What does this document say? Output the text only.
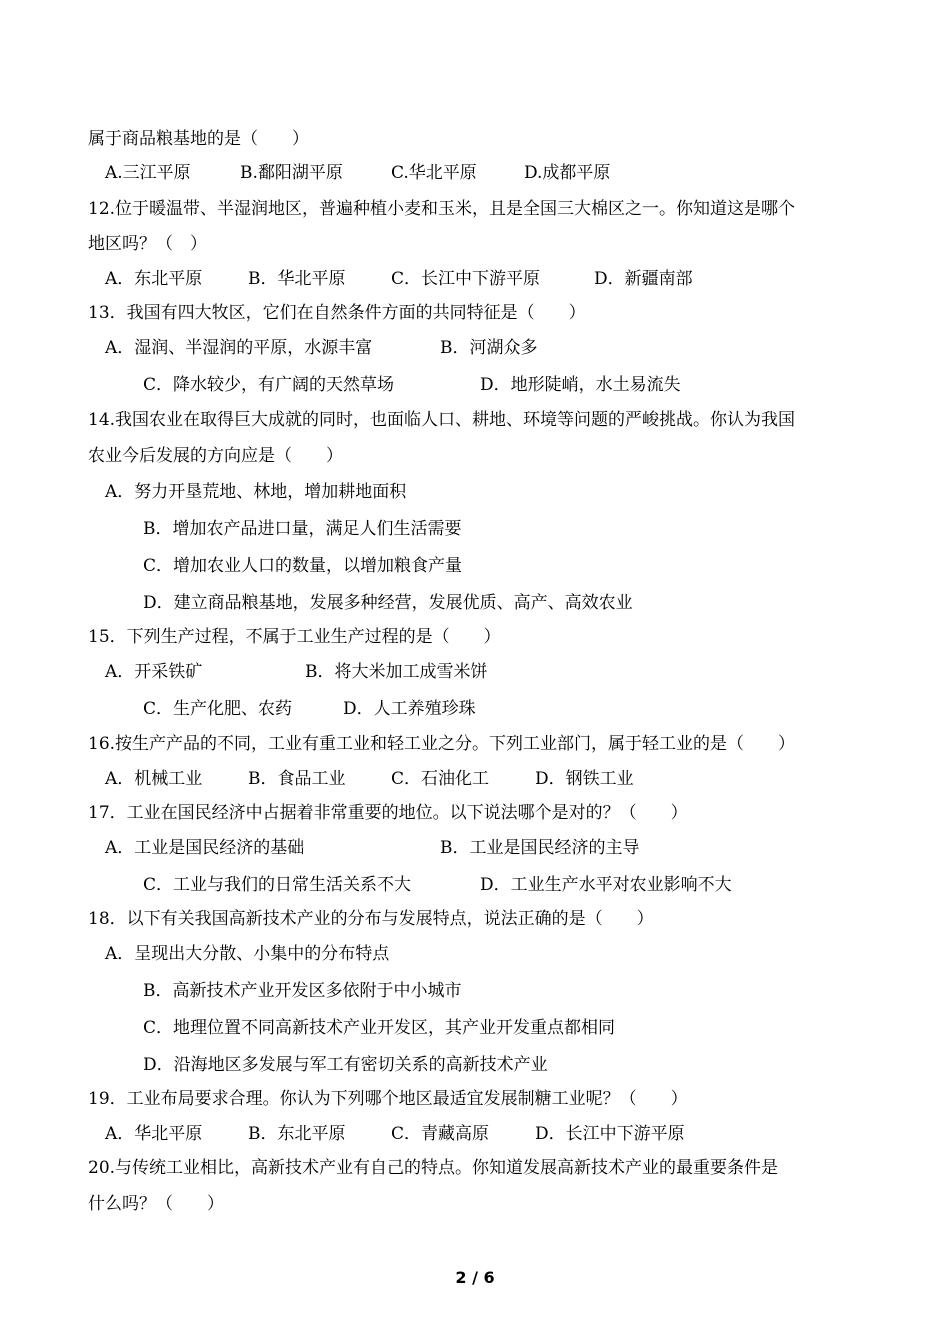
属于商品粮基地的是（　　）
A.三江平原	B.鄱阳湖平原	C.华北平原	D.成都平原
12.位于暖温带、半湿润地区，普遍种植小麦和玉米，且是全国三大棉区之一。你知道这是哪个
地区吗？（　）
A．东北平原	B．华北平原	C．长江中下游平原	D．新疆南部
13．我国有四大牧区，它们在自然条件方面的共同特征是（　　）
A．湿润、半湿润的平原，水源丰富	B．河湖众多
C．降水较少，有广阔的天然草场	D．地形陡峭，水土易流失
14.我国农业在取得巨大成就的同时，也面临人口、耕地、环境等问题的严峻挑战。你认为我国
农业今后发展的方向应是（　　）
A．努力开垦荒地、林地，增加耕地面积
B．增加农产品进口量，满足人们生活需要
C．增加农业人口的数量，以增加粮食产量
D．建立商品粮基地，发展多种经营，发展优质、高产、高效农业
15．下列生产过程，不属于工业生产过程的是（　　）
A．开采铁矿	B．将大米加工成雪米饼
C．生产化肥、农药	D．人工养殖珍珠
16.按生产产品的不同，工业有重工业和轻工业之分。下列工业部门，属于轻工业的是（　　）
A．机械工业	B．食品工业	C．石油化工	D．钢铁工业
17．工业在国民经济中占据着非常重要的地位。以下说法哪个是对的？（　　）
A．工业是国民经济的基础	B．工业是国民经济的主导
C．工业与我们的日常生活关系不大	D．工业生产水平对农业影响不大
18．以下有关我国高新技术产业的分布与发展特点，说法正确的是（　　）
A．呈现出大分散、小集中的分布特点
B．高新技术产业开发区多依附于中小城市
C．地理位置不同高新技术产业开发区，其产业开发重点都相同
D．沿海地区多发展与军工有密切关系的高新技术产业
19．工业布局要求合理。你认为下列哪个地区最适宜发展制糖工业呢？（　　）
A．华北平原	B．东北平原	C．青藏高原	D．长江中下游平原
20.与传统工业相比，高新技术产业有自己的特点。你知道发展高新技术产业的最重要条件是
什么吗？（　　）
2 / 6
